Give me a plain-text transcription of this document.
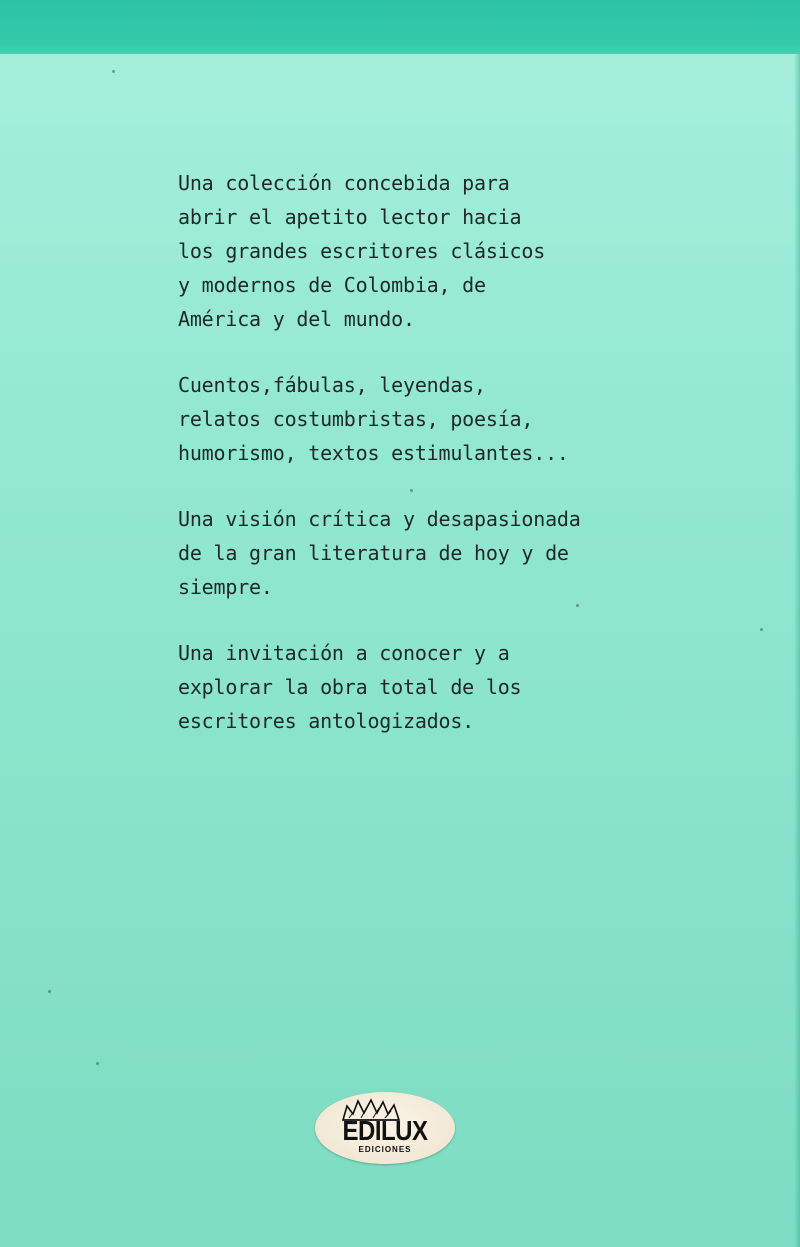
Una colección concebida para
abrir el apetito lector hacia
los grandes escritores clásicos
y modernos de Colombia, de
América y del mundo.

Cuentos,fábulas, leyendas,
relatos costumbristas, poesía,
humorismo, textos estimulantes...

Una visión crítica y desapasionada
de la gran literatura de hoy y de
siempre.

Una invitación a conocer y a
explorar la obra total de los
escritores antologizados.

EDILUX
EDICIONES
